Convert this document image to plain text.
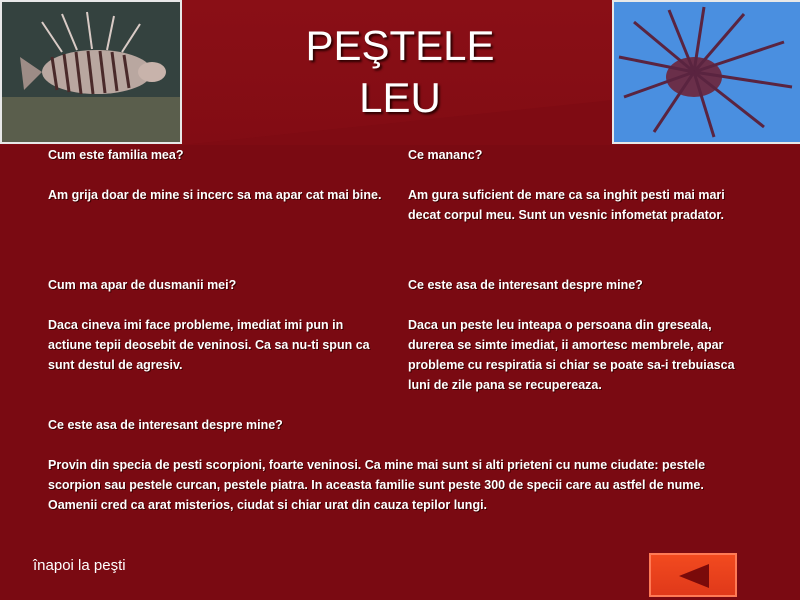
PEŞTELE
LEU
Cum este familia mea?
Am grija doar de mine si incerc sa ma apar cat mai bine.
Ce mananc?
Am gura suficient de mare ca sa inghit pesti mai mari decat corpul meu. Sunt un vesnic infometat pradator.
Cum ma apar de dusmanii mei?
Daca cineva imi face probleme, imediat imi pun in actiune tepii deosebit de veninosi. Ca sa nu-ti spun ca sunt destul de agresiv.
Ce este asa de interesant despre mine?
Daca un peste leu inteapa o persoana din greseala, durerea se simte imediat, ii amortesc membrele, apar probleme cu respiratia si chiar se poate sa-i trebuiasca luni de zile pana se recupereaza.
Ce este asa de interesant despre mine?
Provin din specia de pesti scorpioni, foarte veninosi. Ca mine mai sunt si alti prieteni cu nume ciudate: pestele scorpion sau pestele curcan, pestele piatra. In aceasta familie sunt peste 300 de specii care au astfel de nume. Oamenii cred ca arat misterios, ciudat si chiar urat din cauza tepilor lungi.
înapoi la peşti
